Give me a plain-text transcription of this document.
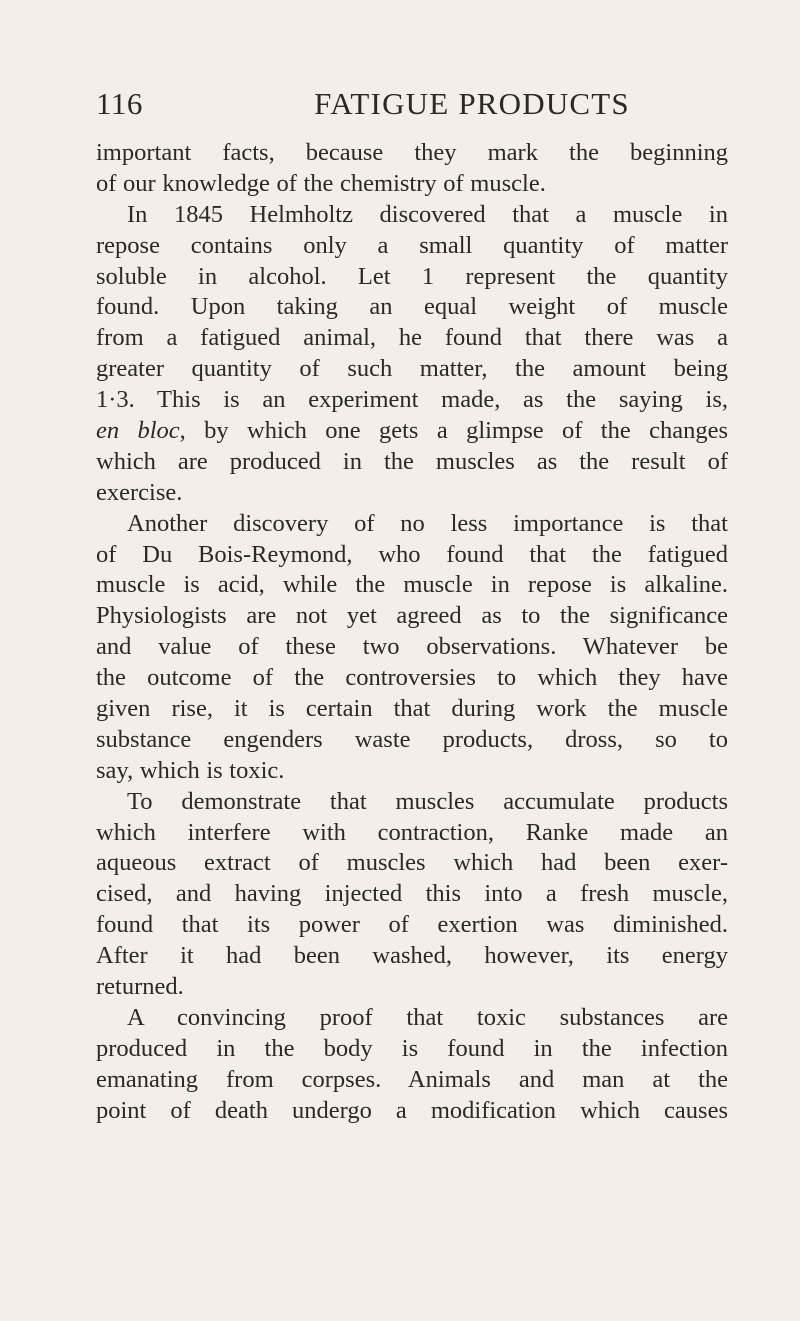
116	FATIGUE PRODUCTS
important facts, because they mark the beginning
of our knowledge of the chemistry of muscle.
In 1845 Helmholtz discovered that a muscle in
repose contains only a small quantity of matter
soluble in alcohol. Let 1 represent the quantity
found. Upon taking an equal weight of muscle
from a fatigued animal, he found that there was a
greater quantity of such matter, the amount being
1·3. This is an experiment made, as the saying is,
en bloc, by which one gets a glimpse of the changes
which are produced in the muscles as the result of
exercise.
Another discovery of no less importance is that
of Du Bois-Reymond, who found that the fatigued
muscle is acid, while the muscle in repose is alkaline.
Physiologists are not yet agreed as to the significance
and value of these two observations. Whatever be
the outcome of the controversies to which they have
given rise, it is certain that during work the muscle
substance engenders waste products, dross, so to
say, which is toxic.
To demonstrate that muscles accumulate products
which interfere with contraction, Ranke made an
aqueous extract of muscles which had been exer-
cised, and having injected this into a fresh muscle,
found that its power of exertion was diminished.
After it had been washed, however, its energy
returned.
A convincing proof that toxic substances are
produced in the body is found in the infection
emanating from corpses. Animals and man at the
point of death undergo a modification which causes
